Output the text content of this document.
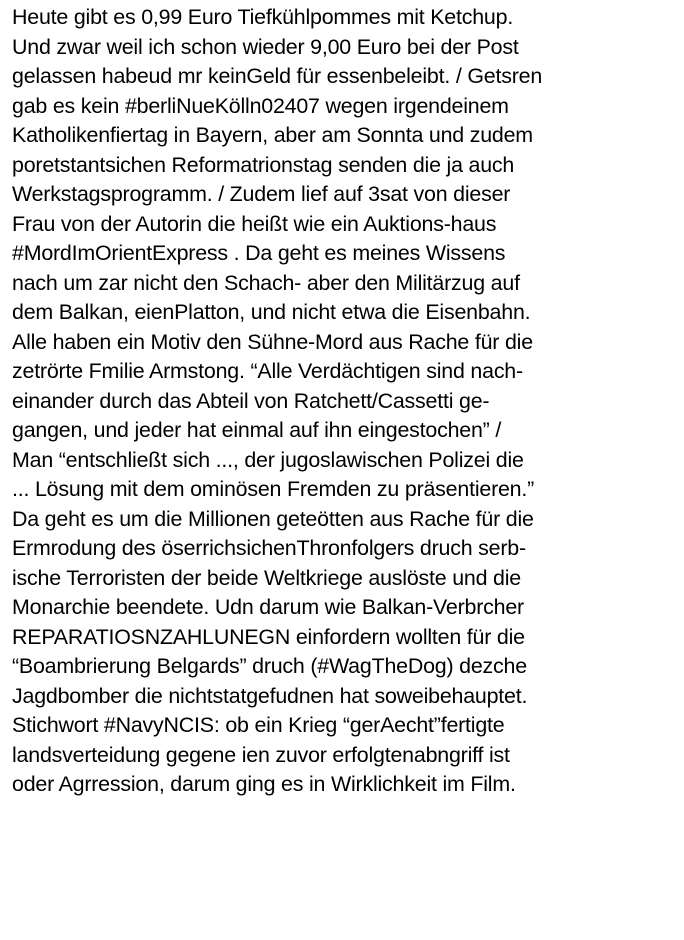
Heute gibt es 0,99 Euro Tiefkühlpommes mit Ketchup.
Und zwar weil ich schon wieder 9,00 Euro bei der Post
gelassen habeud mr keinGeld für essenbeleibt. / Getsren
gab es kein #berliNueKölln02407 wegen irgendeinem
Katholikenfiertag in Bayern, aber am Sonnta und zudem
poretstantsichen Reformatrionstag senden die ja auch
Werkstagsprogramm. / Zudem lief auf 3sat von dieser
Frau von der Autorin die heißt wie ein Auktions-haus
#MordImOrientExpress . Da geht es meines Wissens
nach um zar nicht den Schach- aber den Militärzug auf
dem Balkan, eienPlatton, und nicht etwa die Eisenbahn.
Alle haben ein Motiv den Sühne-Mord aus Rache für die
zetrörte Fmilie Armstong. “Alle Verdächtigen sind nach-
einander durch das Abteil von Ratchett/Cassetti ge-
gangen, und jeder hat einmal auf ihn eingestochen” /
Man “entschließt sich ..., der jugoslawischen Polizei die
... Lösung mit dem ominösen Fremden zu präsentieren.”
Da geht es um die Millionen geteötten aus Rache für die
Ermrodung des öserrichsichenThronfolgers druch serb-
ische Terroristen der beide Weltkriege auslöste und die
Monarchie beendete. Udn darum wie Balkan-Verbrcher
REPARATIOSNZAHLUNEGN einfordern wollten für die
“Boambrierung Belgards” druch (#WagTheDog) dezche
Jagdbomber die nichtstatgefudnen hat soweibehauptet.
Stichwort #NavyNCIS: ob ein Krieg “gerAecht”fertigte
landsverteidung gegene ien zuvor erfolgtenabngriff ist
oder Agrression, darum ging es in Wirklichkeit im Film.
